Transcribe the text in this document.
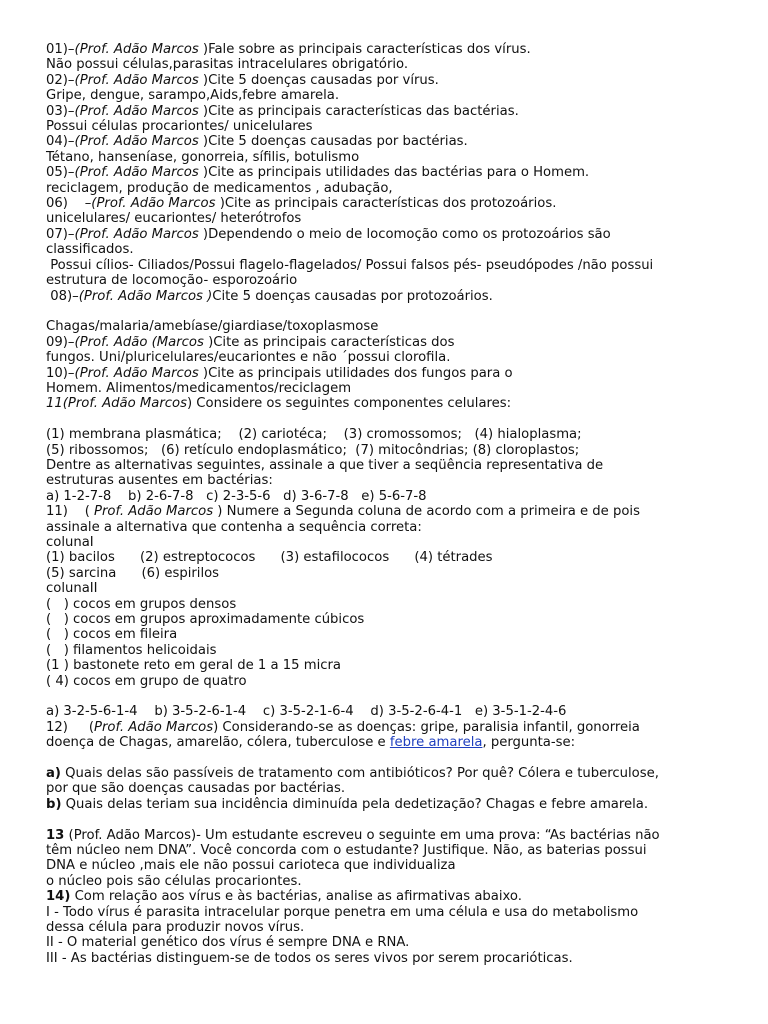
01)–(Prof. Adão Marcos )Fale sobre as principais características dos vírus.
Não possui células,parasitas intracelulares obrigatório.
02)–(Prof. Adão Marcos )Cite 5 doenças causadas por vírus.
Gripe, dengue, sarampo,Aids,febre amarela.
03)–(Prof. Adão Marcos )Cite as principais características das bactérias.
Possui células procariontes/ unicelulares
04)–(Prof. Adão Marcos )Cite 5 doenças causadas por bactérias.
Tétano, hanseníase, gonorreia, sífilis, botulismo
05)–(Prof. Adão Marcos )Cite as principais utilidades das bactérias para o Homem.
reciclagem, produção de medicamentos , adubação,
06)    –(Prof. Adão Marcos )Cite as principais características dos protozoários.
unicelulares/ eucariontes/ heterótrofos
07)–(Prof. Adão Marcos )Dependendo o meio de locomoção como os protozoários são
classificados.
Possui cílios- Ciliados/Possui flagelo-flagelados/ Possui falsos pés- pseudópodes /não possui
estrutura de locomoção- esporozoário
08)–(Prof. Adão Marcos )Cite 5 doenças causadas por protozoários.
Chagas/malaria/amebíase/giardiase/toxoplasmose
09)–(Prof. Adão (Marcos )Cite as principais características dos
fungos. Uni/pluricelulares/eucariontes e não ´possui clorofila.
10)–(Prof. Adão Marcos )Cite as principais utilidades dos fungos para o
Homem. Alimentos/medicamentos/reciclagem
11(Prof. Adão Marcos) Considere os seguintes componentes celulares:
(1) membrana plasmática;    (2) cariotéca;    (3) cromossomos;   (4) hialoplasma;
(5) ribossomos;   (6) retículo endoplasmático;  (7) mitocôndrias; (8) cloroplastos;
Dentre as alternativas seguintes, assinale a que tiver a seqüência representativa de
estruturas ausentes em bactérias:
a) 1-2-7-8    b) 2-6-7-8   c) 2-3-5-6   d) 3-6-7-8   e) 5-6-7-8
11)    ( Prof. Adão Marcos ) Numere a Segunda coluna de acordo com a primeira e de pois
assinale a alternativa que contenha a sequência correta:
colunaI
(1) bacilos      (2) estreptococos      (3) estafilococos      (4) tétrades
(5) sarcina      (6) espirilos
colunaII
(   ) cocos em grupos densos
(   ) cocos em grupos aproximadamente cúbicos
(   ) cocos em fileira
(   ) filamentos helicoidais
(1 ) bastonete reto em geral de 1 a 15 micra
( 4) cocos em grupo de quatro
a) 3-2-5-6-1-4    b) 3-5-2-6-1-4    c) 3-5-2-1-6-4    d) 3-5-2-6-4-1   e) 3-5-1-2-4-6
12)     (Prof. Adão Marcos) Considerando-se as doenças: gripe, paralisia infantil, gonorreia
doença de Chagas, amarelão, cólera, tuberculose e febre amarela, pergunta-se:
a) Quais delas são passíveis de tratamento com antibióticos? Por quê? Cólera e tuberculose,
por que são doenças causadas por bactérias.
b) Quais delas teriam sua incidência diminuída pela dedetização? Chagas e febre amarela.
13 (Prof. Adão Marcos)- Um estudante escreveu o seguinte em uma prova: “As bactérias não
têm núcleo nem DNA”. Você concorda com o estudante? Justifique. Não, as baterias possui
DNA e núcleo ,mais ele não possui carioteca que individualiza
o núcleo pois são células procariontes.
14) Com relação aos vírus e às bactérias, analise as afirmativas abaixo.
I - Todo vírus é parasita intracelular porque penetra em uma célula e usa do metabolismo
dessa célula para produzir novos vírus.
II - O material genético dos vírus é sempre DNA e RNA.
III - As bactérias distinguem-se de todos os seres vivos por serem procarióticas.
